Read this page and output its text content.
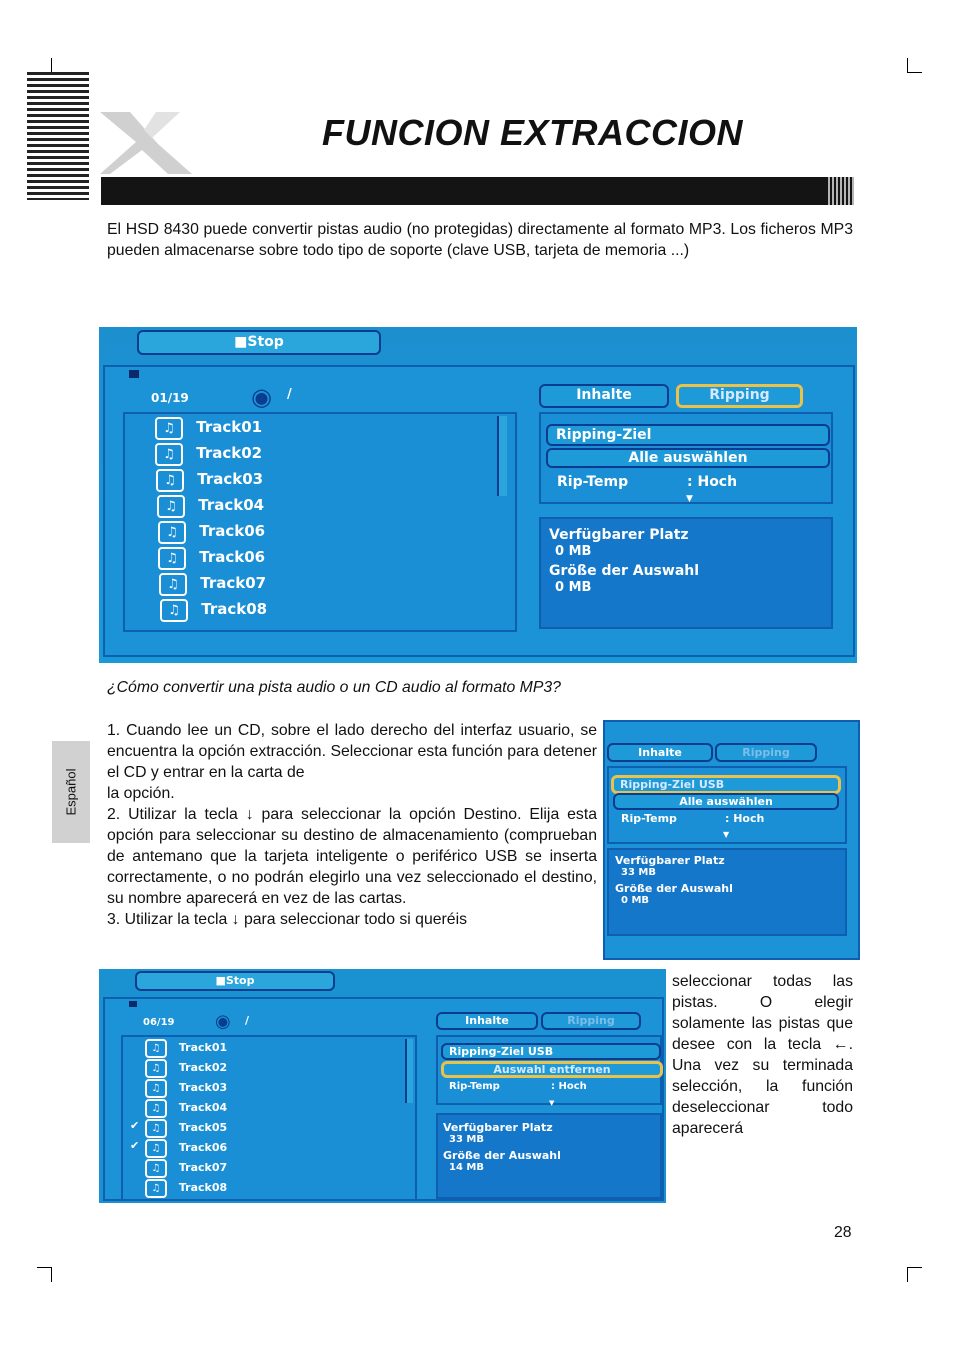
FUNCION EXTRACCION
El HSD 8430 puede convertir pistas audio (no protegidas) directamente al formato MP3. Los ficheros MP3 pueden almacenarse sobre todo tipo de soporte (clave USB, tarjeta de memoria ...)
■Stop
01/19	◉ /	Inhalte	Ripping
Ripping-Ziel
Alle auswählen
Rip-Temp	: Hoch
▼
Verfügbarer Platz
0 MB
Größe der Auswahl
0 MB
♫ Track01
♫ Track02
♫ Track03
♫ Track04
♫ Track06
♫ Track06
♫ Track07
♫ Track08
¿Cómo convertir una pista audio o un CD audio al formato MP3?

1. Cuando lee un CD, sobre el lado derecho del interfaz usuario, se encuentra la opción extracción. Seleccionar esta función para detener el CD y entrar en la carta de

la opción.

2. Utilizar la tecla ↓ para seleccionar la opción Destino. Elija esta opción para seleccionar su destino de almacenamiento (comprueban de antemano que la tarjeta inteligente o periférico USB se inserta correctamente, o no podrán elegirlo una vez seleccionado el destino, su nombre aparecerá en vez de las cartas.

3. Utilizar la tecla ↓ para seleccionar todo si queréis

Español
Inhalte	Ripping
Ripping-Ziel USB
Alle auswählen
Rip-Temp	: Hoch
▼
Verfügbarer Platz
33 MB
Größe der Auswahl
0 MB
■Stop
06/19 ◉ /	Inhalte	Ripping
Ripping-Ziel USB
Auswahl entfernen
Rip-Temp	: Hoch
▼
Verfügbarer Platz
33 MB
Größe der Auswahl
14 MB
♫ Track01
♫ Track02
♫ Track03
♫ Track04
✔	♫ Track05
✔	♫ Track06
♫ Track07
♫ Track08

seleccionar todas las pistas. O elegir solamente las pistas que desee con la tecla ←. Una vez su terminada selección, la función deseleccionar todo aparecerá

28
